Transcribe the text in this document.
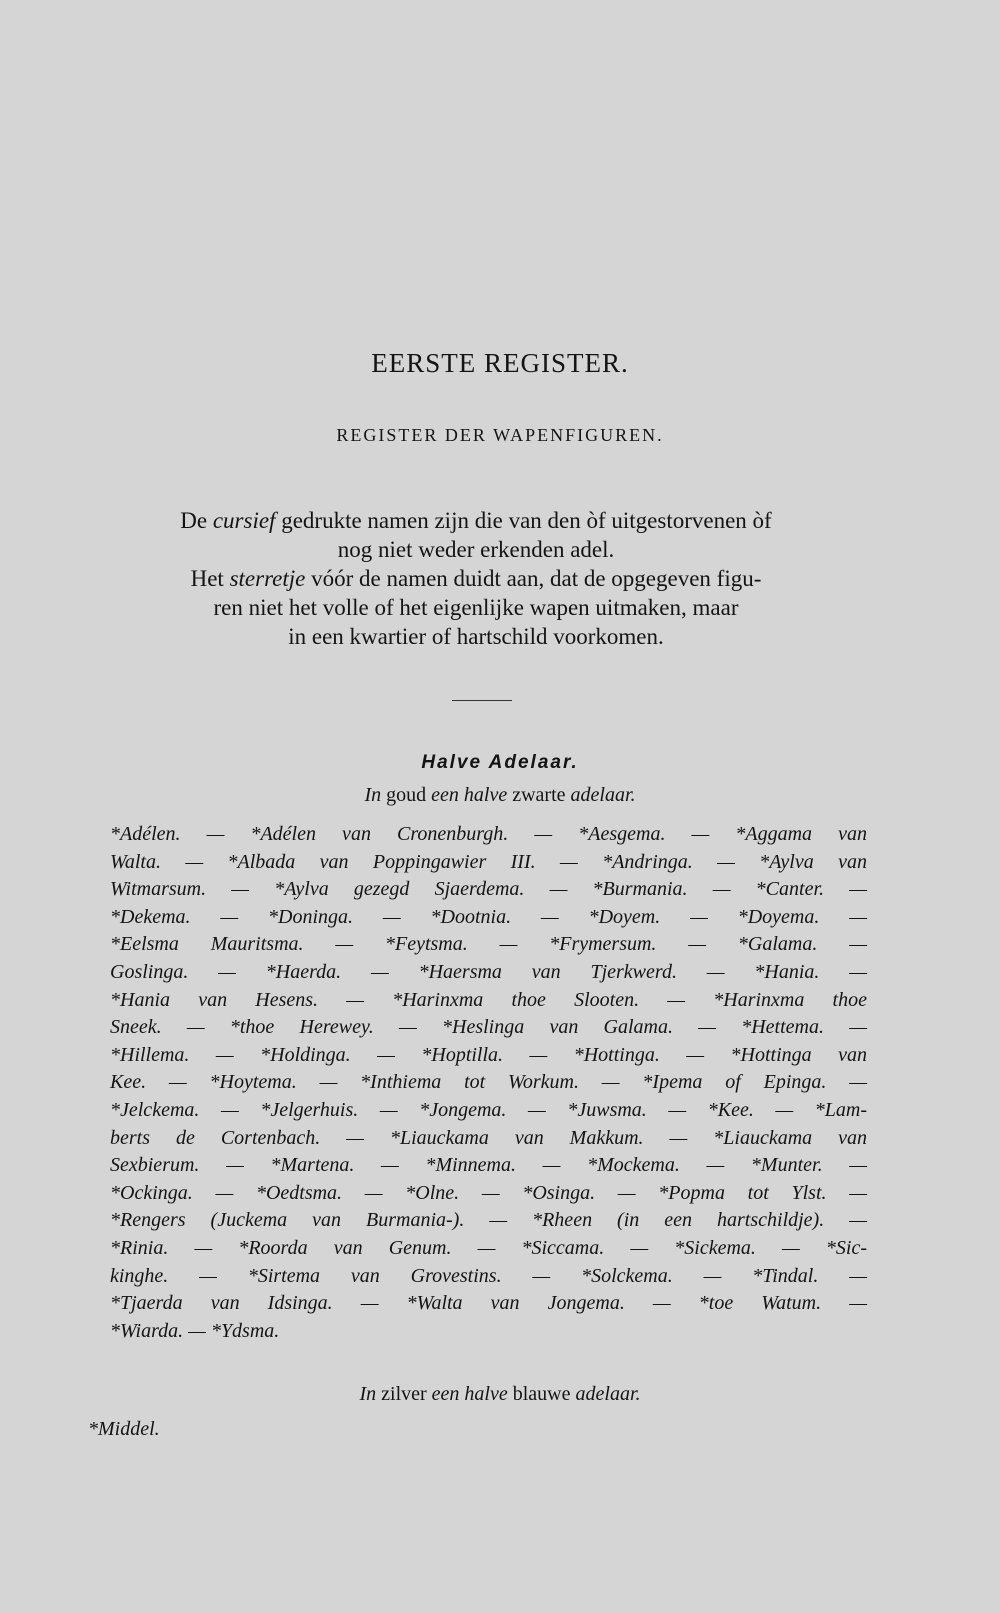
EERSTE REGISTER.
REGISTER DER WAPENFIGUREN.
De cursief gedrukte namen zijn die van den òf uitgestorvenen òf
nog niet weder erkenden adel.
Het sterretje vóór de namen duidt aan, dat de opgegeven figu-
ren niet het volle of het eigenlijke wapen uitmaken, maar
in een kwartier of hartschild voorkomen.
Halve Adelaar.
In goud een halve zwarte adelaar.
*Adélen. — *Adélen van Cronenburgh. — *Aesgema. — *Aggama van
Walta. — *Albada van Poppingawier III. — *Andringa. — *Aylva van
Witmarsum. — *Aylva gezegd Sjaerdema. — *Burmania. — *Canter. —
*Dekema. — *Doninga. — *Dootnia. — *Doyem. — *Doyema. —
*Eelsma Mauritsma. — *Feytsma. — *Frymersum. — *Galama. —
Goslinga. — *Haerda. — *Haersma van Tjerkwerd. — *Hania. —
*Hania van Hesens. — *Harinxma thoe Slooten. — *Harinxma thoe
Sneek. — *thoe Herewey. — *Heslinga van Galama. — *Hettema. —
*Hillema. — *Holdinga. — *Hoptilla. — *Hottinga. — *Hottinga van
Kee. — *Hoytema. — *Inthiema tot Workum. — *Ipema of Epinga. —
*Jelckema. — *Jelgerhuis. — *Jongema. — *Juwsma. — *Kee. — *Lam-
berts de Cortenbach. — *Liauckama van Makkum. — *Liauckama van
Sexbierum. — *Martena. — *Minnema. — *Mockema. — *Munter. —
*Ockinga. — *Oedtsma. — *Olne. — *Osinga. — *Popma tot Ylst. —
*Rengers (Juckema van Burmania-). — *Rheen (in een hartschildje). —
*Rinia. — *Roorda van Genum. — *Siccama. — *Sickema. — *Sic-
kinghe. — *Sirtema van Grovestins. — *Solckema. — *Tindal. —
*Tjaerda van Idsinga. — *Walta van Jongema. — *toe Watum. —
*Wiarda. — *Ydsma.
In zilver een halve blauwe adelaar.
*Middel.
